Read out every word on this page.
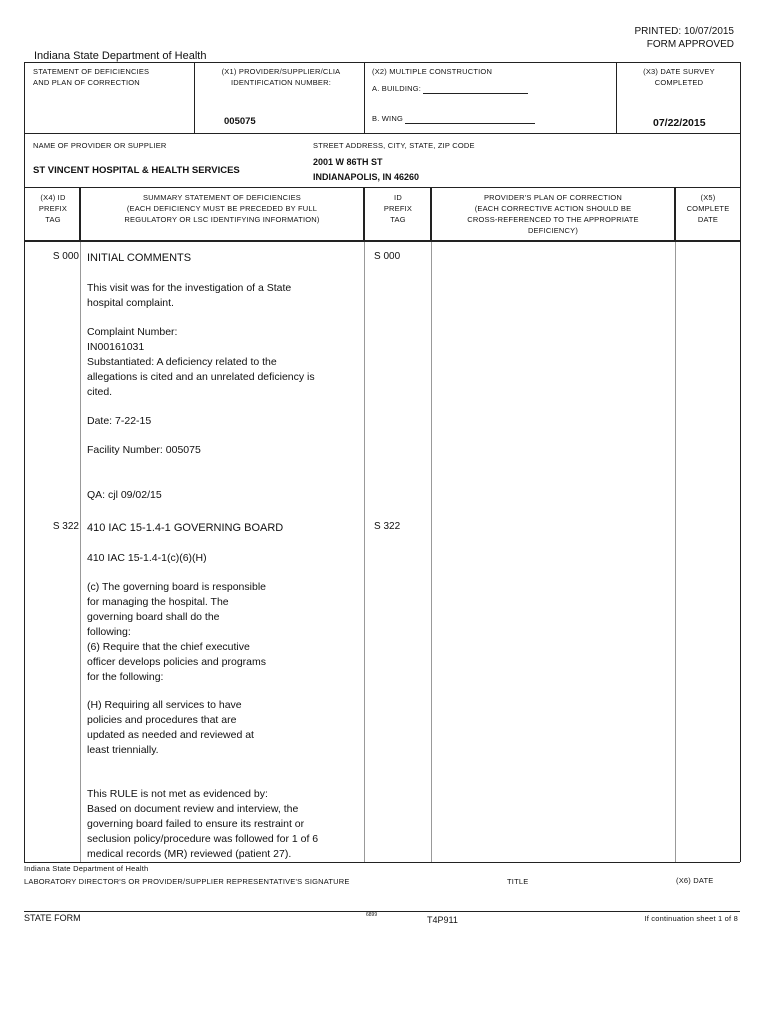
PRINTED: 10/07/2015
FORM APPROVED
Indiana State Department of Health
STATEMENT OF DEFICIENCIES
AND PLAN OF CORRECTION
(X1) PROVIDER/SUPPLIER/CLIA
IDENTIFICATION NUMBER:
005075
(X2) MULTIPLE CONSTRUCTION
A. BUILDING:
B. WING
(X3) DATE SURVEY
COMPLETED
07/22/2015
NAME OF PROVIDER OR SUPPLIER
ST VINCENT HOSPITAL & HEALTH SERVICES
STREET ADDRESS, CITY, STATE, ZIP CODE
2001 W 86TH ST
INDIANAPOLIS, IN 46260
(X4) ID
PREFIX
TAG
SUMMARY STATEMENT OF DEFICIENCIES
(EACH DEFICIENCY MUST BE PRECEDED BY FULL
REGULATORY OR LSC IDENTIFYING INFORMATION)
ID
PREFIX
TAG
PROVIDER'S PLAN OF CORRECTION
(EACH CORRECTIVE ACTION SHOULD BE
CROSS-REFERENCED TO THE APPROPRIATE
DEFICIENCY)
(X5)
COMPLETE
DATE
S 000	S 000
INITIAL COMMENTS
This visit was for the investigation of a State
hospital complaint.
Complaint Number:
IN00161031
Substantiated: A deficiency related to the
allegations is cited and an unrelated deficiency is
cited.
Date: 7-22-15
Facility Number: 005075
QA: cjl 09/02/15
S 322	S 322
410 IAC 15-1.4-1 GOVERNING BOARD
410 IAC 15-1.4-1(c)(6)(H)
(c) The governing board is responsible
for managing the hospital. The
governing board shall do the
following:
(6) Require that the chief executive
officer develops policies and programs
for the following:
(H) Requiring all services to have
policies and procedures that are
updated as needed and reviewed at
least triennially.
This RULE is not met as evidenced by:
Based on document review and interview, the
governing board failed to ensure its restraint or
seclusion policy/procedure was followed for 1 of 6
medical records (MR) reviewed (patient 27).
Indiana State Department of Health
LABORATORY DIRECTOR'S OR PROVIDER/SUPPLIER REPRESENTATIVE'S SIGNATURE	TITLE	(X6) DATE
STATE FORM	6899	T4P911	If continuation sheet 1 of 8
